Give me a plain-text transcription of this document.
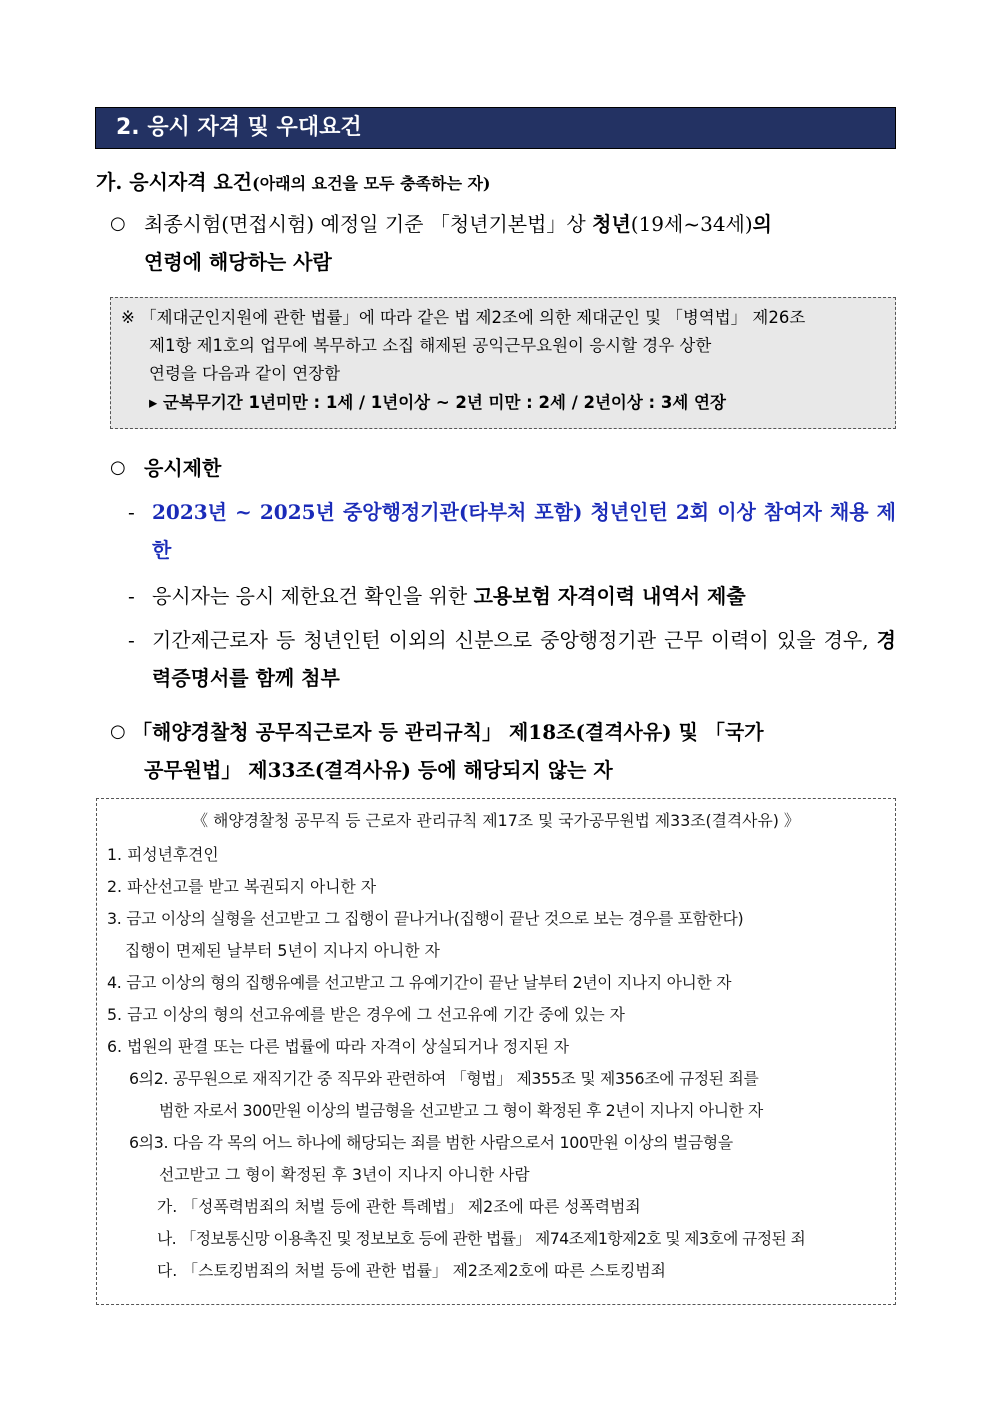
2. 응시 자격 및 우대요건
가. 응시자격 요건(아래의 요건을 모두 충족하는 자)
○ 최종시험(면접시험) 예정일 기준 「청년기본법」상 청년(19세~34세)의
연령에 해당하는 사람
※ 「제대군인지원에 관한 법률」에 따라 같은 법 제2조에 의한 제대군인 및 「병역법」 제26조
제1항 제1호의 업무에 복무하고 소집 해제된 공익근무요원이 응시할 경우 상한
연령을 다음과 같이 연장함
▸ 군복무기간 1년미만 : 1세 / 1년이상 ~ 2년 미만 : 2세 / 2년이상 : 3세 연장
○ 응시제한
- 2023년 ~ 2025년 중앙행정기관(타부처 포함) 청년인턴 2회 이상 참여자 채용 제한
- 응시자는 응시 제한요건 확인을 위한 고용보험 자격이력 내역서 제출
- 기간제근로자 등 청년인턴 이외의 신분으로 중앙행정기관 근무 이력이 있을 경우, 경력증명서를 함께 첨부
○ 「해양경찰청 공무직근로자 등 관리규칙」 제18조(결격사유) 및 「국가
공무원법」 제33조(결격사유) 등에 해당되지 않는 자
《 해양경찰청 공무직 등 근로자 관리규칙 제17조 및 국가공무원법 제33조(결격사유) 》
1. 피성년후견인
2. 파산선고를 받고 복권되지 아니한 자
3. 금고 이상의 실형을 선고받고 그 집행이 끝나거나(집행이 끝난 것으로 보는 경우를 포함한다)
집행이 면제된 날부터 5년이 지나지 아니한 자
4. 금고 이상의 형의 집행유예를 선고받고 그 유예기간이 끝난 날부터 2년이 지나지 아니한 자
5. 금고 이상의 형의 선고유예를 받은 경우에 그 선고유예 기간 중에 있는 자
6. 법원의 판결 또는 다른 법률에 따라 자격이 상실되거나 정지된 자
6의2. 공무원으로 재직기간 중 직무와 관련하여 「형법」 제355조 및 제356조에 규정된 죄를
범한 자로서 300만원 이상의 벌금형을 선고받고 그 형이 확정된 후 2년이 지나지 아니한 자
6의3. 다음 각 목의 어느 하나에 해당되는 죄를 범한 사람으로서 100만원 이상의 벌금형을
선고받고 그 형이 확정된 후 3년이 지나지 아니한 사람
가. 「성폭력범죄의 처벌 등에 관한 특례법」 제2조에 따른 성폭력범죄
나. 「정보통신망 이용촉진 및 정보보호 등에 관한 법률」 제74조제1항제2호 및 제3호에 규정된 죄
다. 「스토킹범죄의 처벌 등에 관한 법률」 제2조제2호에 따른 스토킹범죄
